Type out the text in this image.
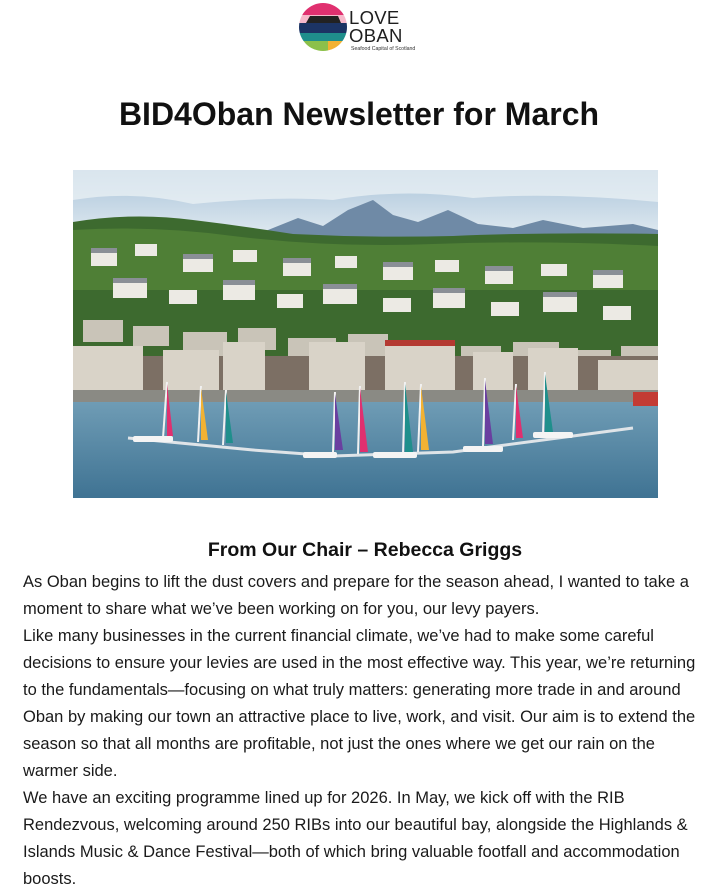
LOVE
OBAN
Seafood Capital of Scotland
BID4Oban Newsletter for March
From Our Chair – Rebecca Griggs

As Oban begins to lift the dust covers and prepare for the season ahead, I wanted to take a moment to share what we’ve been working on for you, our levy payers.

Like many businesses in the current financial climate, we’ve had to make some careful decisions to ensure your levies are used in the most effective way. This year, we’re returning to the fundamentals—focusing on what truly matters: generating more trade in and around Oban by making our town an attractive place to live, work, and visit. Our aim is to extend the season so that all months are profitable, not just the ones where we get our rain on the warmer side.

We have an exciting programme lined up for 2026. In May, we kick off with the RIB Rendezvous, welcoming around 250 RIBs into our beautiful bay, alongside the Highlands & Islands Music & Dance Festival—both of which bring valuable footfall and accommodation boosts.
